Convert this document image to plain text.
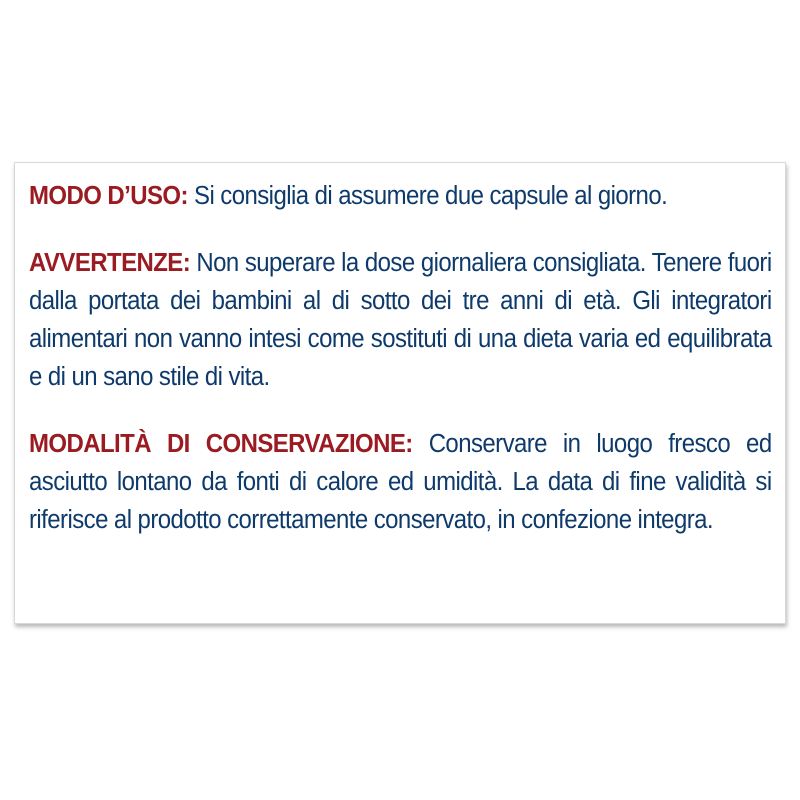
MODO D’USO: Si consiglia di assumere due capsule al giorno.
AVVERTENZE: Non superare la dose giornaliera consigliata. Tenere fuori dalla portata dei bambini al di sotto dei tre anni di età. Gli integratori alimentari non vanno intesi come sostituti di una dieta varia ed equilibrata e di un sano stile di vita.
MODALITÀ DI CONSERVAZIONE: Conservare in luogo fresco ed asciutto lontano da fonti di calore ed umidità. La data di fine validità si riferisce al prodotto correttamente conservato, in confezione integra.
